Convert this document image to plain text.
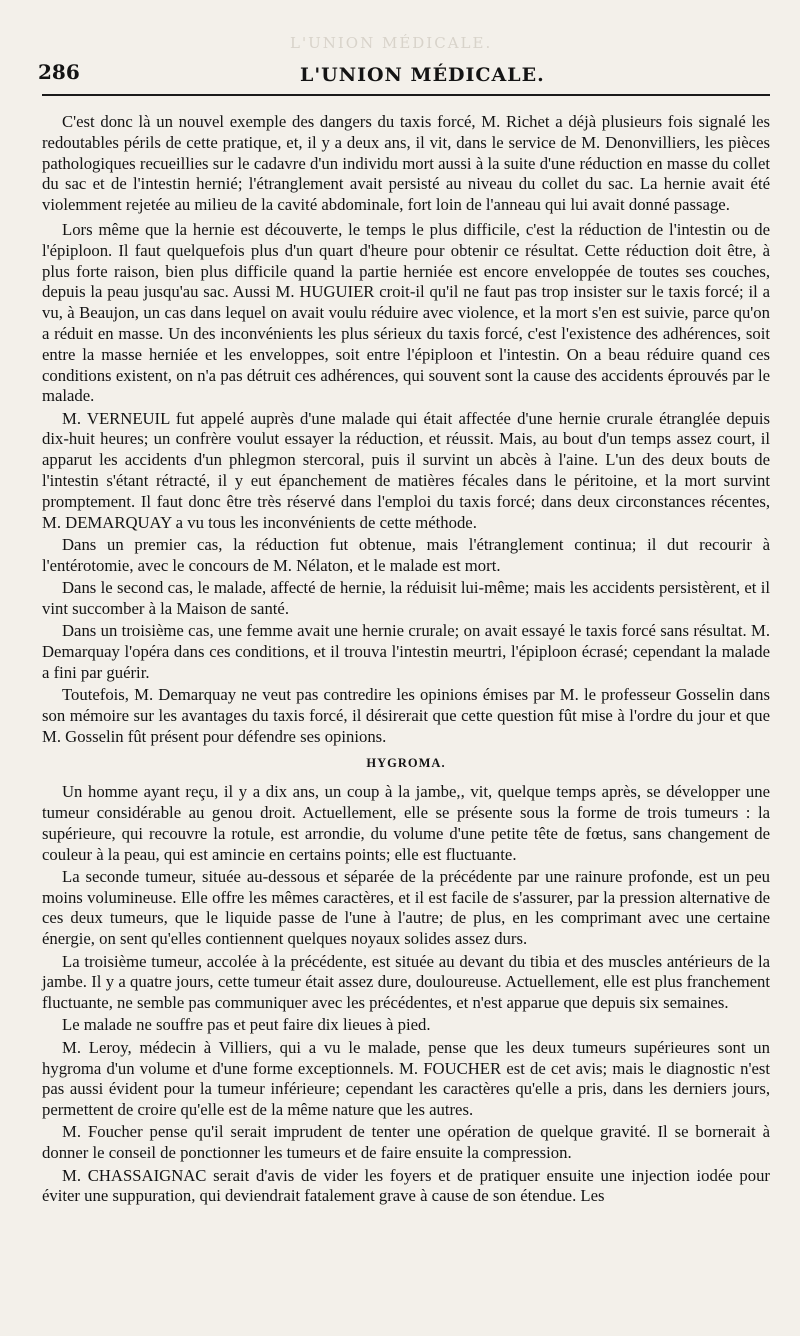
L'UNION MÉDICALE.
286	L'UNION MÉDICALE.

C'est donc là un nouvel exemple des dangers du taxis forcé, M. Richet a déjà plusieurs fois signalé les redoutables périls de cette pratique, et, il y a deux ans, il vit, dans le service de M. Denonvilliers, les pièces pathologiques recueillies sur le cadavre d'un individu mort aussi à la suite d'une réduction en masse du collet du sac et de l'intestin hernié; l'étranglement avait persisté au niveau du collet du sac. La hernie avait été violemment rejetée au milieu de la cavité abdominale, fort loin de l'anneau qui lui avait donné passage.

Lors même que la hernie est découverte, le temps le plus difficile, c'est la réduction de l'intestin ou de l'épiploon. Il faut quelquefois plus d'un quart d'heure pour obtenir ce résultat. Cette réduction doit être, à plus forte raison, bien plus difficile quand la partie herniée est encore enveloppée de toutes ses couches, depuis la peau jusqu'au sac. Aussi M. HUGUIER croit-il qu'il ne faut pas trop insister sur le taxis forcé; il a vu, à Beaujon, un cas dans lequel on avait voulu réduire avec violence, et la mort s'en est suivie, parce qu'on a réduit en masse. Un des inconvénients les plus sérieux du taxis forcé, c'est l'existence des adhérences, soit entre la masse herniée et les enveloppes, soit entre l'épiploon et l'intestin. On a beau réduire quand ces conditions existent, on n'a pas détruit ces adhérences, qui souvent sont la cause des accidents éprouvés par le malade.

M. VERNEUIL fut appelé auprès d'une malade qui était affectée d'une hernie crurale étranglée depuis dix-huit heures; un confrère voulut essayer la réduction, et réussit. Mais, au bout d'un temps assez court, il apparut les accidents d'un phlegmon stercoral, puis il survint un abcès à l'aine. L'un des deux bouts de l'intestin s'étant rétracté, il y eut épanchement de matières fécales dans le péritoine, et la mort survint promptement. Il faut donc être très réservé dans l'emploi du taxis forcé; dans deux circonstances récentes, M. DEMARQUAY a vu tous les inconvénients de cette méthode.

Dans un premier cas, la réduction fut obtenue, mais l'étranglement continua; il dut recourir à l'entérotomie, avec le concours de M. Nélaton, et le malade est mort.

Dans le second cas, le malade, affecté de hernie, la réduisit lui-même; mais les accidents persistèrent, et il vint succomber à la Maison de santé.

Dans un troisième cas, une femme avait une hernie crurale; on avait essayé le taxis forcé sans résultat. M. Demarquay l'opéra dans ces conditions, et il trouva l'intestin meurtri, l'épiploon écrasé; cependant la malade a fini par guérir.

Toutefois, M. Demarquay ne veut pas contredire les opinions émises par M. le professeur Gosselin dans son mémoire sur les avantages du taxis forcé, il désirerait que cette question fût mise à l'ordre du jour et que M. Gosselin fût présent pour défendre ses opinions.

HYGROMA.

Un homme ayant reçu, il y a dix ans, un coup à la jambe,, vit, quelque temps après, se développer une tumeur considérable au genou droit. Actuellement, elle se présente sous la forme de trois tumeurs : la supérieure, qui recouvre la rotule, est arrondie, du volume d'une petite tête de fœtus, sans changement de couleur à la peau, qui est amincie en certains points; elle est fluctuante.

La seconde tumeur, située au-dessous et séparée de la précédente par une rainure profonde, est un peu moins volumineuse. Elle offre les mêmes caractères, et il est facile de s'assurer, par la pression alternative de ces deux tumeurs, que le liquide passe de l'une à l'autre; de plus, en les comprimant avec une certaine énergie, on sent qu'elles contiennent quelques noyaux solides assez durs.

La troisième tumeur, accolée à la précédente, est située au devant du tibia et des muscles antérieurs de la jambe. Il y a quatre jours, cette tumeur était assez dure, douloureuse. Actuellement, elle est plus franchement fluctuante, ne semble pas communiquer avec les précédentes, et n'est apparue que depuis six semaines.

Le malade ne souffre pas et peut faire dix lieues à pied.

M. Leroy, médecin à Villiers, qui a vu le malade, pense que les deux tumeurs supérieures sont un hygroma d'un volume et d'une forme exceptionnels. M. FOUCHER est de cet avis; mais le diagnostic n'est pas aussi évident pour la tumeur inférieure; cependant les caractères qu'elle a pris, dans les derniers jours, permettent de croire qu'elle est de la même nature que les autres.

M. Foucher pense qu'il serait imprudent de tenter une opération de quelque gravité. Il se bornerait à donner le conseil de ponctionner les tumeurs et de faire ensuite la compression.

M. CHASSAIGNAC serait d'avis de vider les foyers et de pratiquer ensuite une injection iodée pour éviter une suppuration, qui deviendrait fatalement grave à cause de son étendue. Les
